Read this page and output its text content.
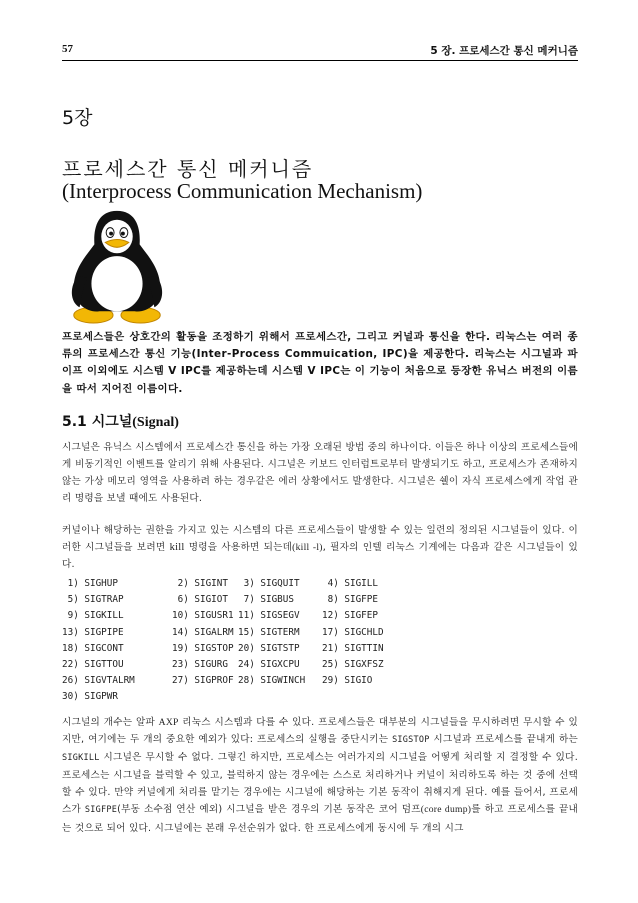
57	5 장. 프로세스간 통신 메커니즘
5장
프로세스간 통신 메커니즘
(Interprocess Communication Mechanism)
프로세스들은 상호간의 활동을 조정하기 위해서 프로세스간, 그리고 커널과 통신을 한다. 리눅스는 여러 종류의 프로세스간 통신 기능(Inter-Process Commuication, IPC)을 제공한다. 리눅스는 시그널과 파이프 이외에도 시스템 V IPC를 제공하는데 시스템 V IPC는 이 기능이 처음으로 등장한 유닉스 버전의 이름을 따서 지어진 이름이다.
5.1 시그널(Signal)
시그널은 유닉스 시스템에서 프로세스간 통신을 하는 가장 오래된 방법 중의 하나이다. 이들은 하나 이상의 프로세스들에게 비동기적인 이벤트를 알리기 위해 사용된다. 시그널은 키보드 인터럽트로부터 발생되기도 하고, 프로세스가 존재하지 않는 가상 메모리 영역을 사용하려 하는 경우같은 에러 상황에서도 발생한다. 시그널은 쉘이 자식 프로세스에게 작업 관리 명령을 보낼 때에도 사용된다.
커널이나 해당하는 권한을 가지고 있는 시스템의 다른 프로세스들이 발생할 수 있는 일련의 정의된 시그널들이 있다. 이러한 시그널들을 보려면 kill 명령을 사용하면 되는데(kill -l), 필자의 인텔 리눅스 기계에는 다음과 같은 시그널들이 있다.
1) SIGHUP	2) SIGINT	3) SIGQUIT	4) SIGILL
5) SIGTRAP	6) SIGIOT	7) SIGBUS	8) SIGFPE
9) SIGKILL	10) SIGUSR1	11) SIGSEGV	12) SIGFEP
13) SIGPIPE	14) SIGALRM	15) SIGTERM	17) SIGCHLD
18) SIGCONT	19) SIGSTOP	20) SIGTSTP	21) SIGTTIN
22) SIGTTOU	23) SIGURG	24) SIGXCPU	25) SIGXFSZ
26) SIGVTALRM	27) SIGPROF	28) SIGWINCH	29) SIGIO
30) SIGPWR			
시그널의 개수는 알파 AXP 리눅스 시스템과 다를 수 있다. 프로세스들은 대부분의 시그널들을 무시하려면 무시할 수 있지만, 여기에는 두 개의 중요한 예외가 있다: 프로세스의 실행을 중단시키는 SIGSTOP 시그널과 프로세스를 끝내게 하는 SIGKILL 시그널은 무시할 수 없다. 그렇긴 하지만, 프로세스는 여러가지의 시그널을 어떻게 처리할 지 결정할 수 있다. 프로세스는 시그널을 블럭할 수 있고, 블럭하지 않는 경우에는 스스로 처리하거나 커널이 처리하도록 하는 것 중에 선택할 수 있다. 만약 커널에게 처리를 맡기는 경우에는 시그널에 해당하는 기본 동작이 취해지게 된다. 예를 들어서, 프로세스가 SIGFPE(부동 소수점 연산 예외) 시그널을 받은 경우의 기본 동작은 코어 덤프(core dump)를 하고 프로세스를 끝내는 것으로 되어 있다. 시그널에는 본래 우선순위가 없다. 한 프로세스에게 동시에 두 개의 시그
